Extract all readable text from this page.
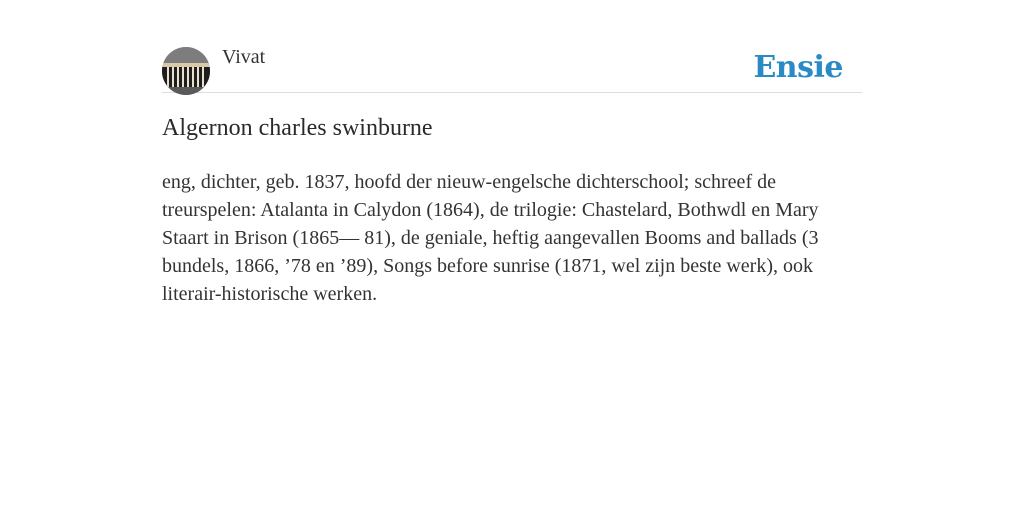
Vivat	Ensie
Algernon charles swinburne

eng, dichter, geb. 1837, hoofd der nieuw-engelsche dichterschool; schreef de treurspelen: Atalanta in Calydon (1864), de trilogie: Chastelard, Bothwdl en Mary Staart in Brison (1865— 81), de geniale, heftig aangevallen Booms and ballads (3 bundels, 1866, ’78 en ’89), Songs before sunrise (1871, wel zijn beste werk), ook literair-historische werken.
